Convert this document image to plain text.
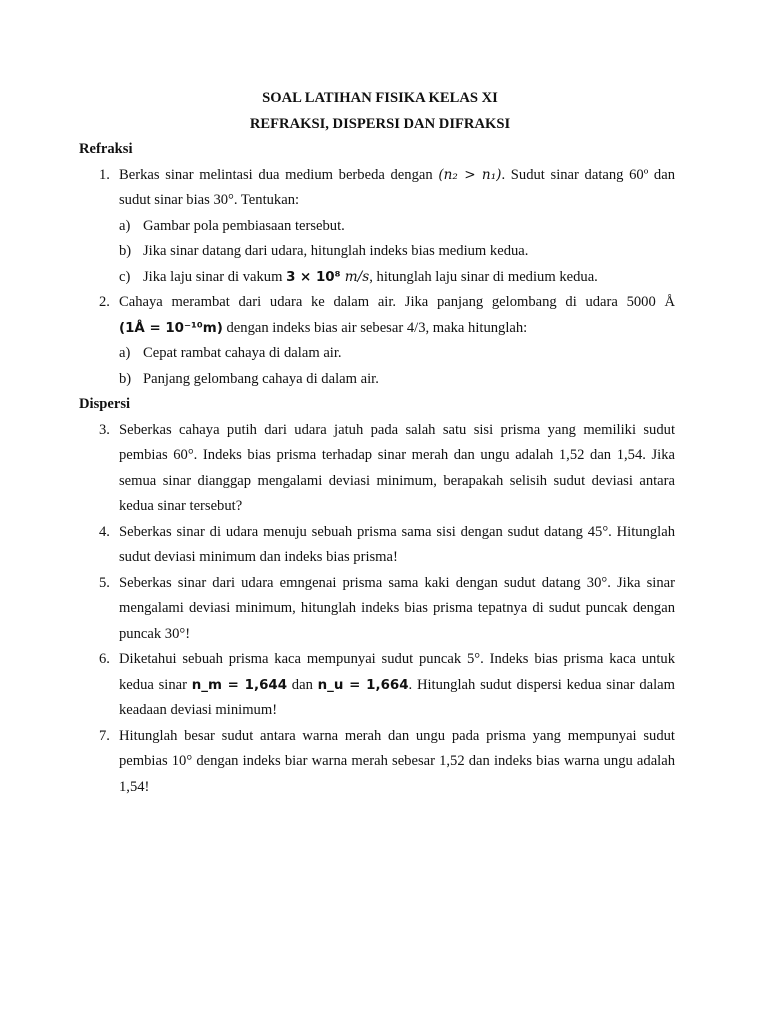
SOAL LATIHAN FISIKA KELAS XI

REFRAKSI, DISPERSI DAN DIFRAKSI

Refraksi

1. Berkas sinar melintasi dua medium berbeda dengan (n₂ > n₁). Sudut sinar datang 60º dan sudut sinar bias 30°. Tentukan:
a) Gambar pola pembiasaan tersebut.
b) Jika sinar datang dari udara, hitunglah indeks bias medium kedua.
c) Jika laju sinar di vakum 3 × 10⁸ m/s, hitunglah laju sinar di medium kedua.
2. Cahaya merambat dari udara ke dalam air. Jika panjang gelombang di udara 5000 Å
(1Å = 10⁻¹⁰m) dengan indeks bias air sebesar 4/3, maka hitunglah:
a) Cepat rambat cahaya di dalam air.
b) Panjang gelombang cahaya di dalam air.

Dispersi

3. Seberkas cahaya putih dari udara jatuh pada salah satu sisi prisma yang memiliki sudut pembias 60°. Indeks bias prisma terhadap sinar merah dan ungu adalah 1,52 dan 1,54. Jika semua sinar dianggap mengalami deviasi minimum, berapakah selisih sudut deviasi antara kedua sinar tersebut?
4. Seberkas sinar di udara menuju sebuah prisma sama sisi dengan sudut datang 45°. Hitunglah sudut deviasi minimum dan indeks bias prisma!
5. Seberkas sinar dari udara emngenai prisma sama kaki dengan sudut datang 30°. Jika sinar mengalami deviasi minimum, hitunglah indeks bias prisma tepatnya di sudut puncak dengan puncak 30°!
6. Diketahui sebuah prisma kaca mempunyai sudut puncak 5°. Indeks bias prisma kaca untuk kedua sinar n_m = 1,644 dan n_u = 1,664. Hitunglah sudut dispersi kedua sinar dalam keadaan deviasi minimum!
7. Hitunglah besar sudut antara warna merah dan ungu pada prisma yang mempunyai sudut pembias 10° dengan indeks biar warna merah sebesar 1,52 dan indeks bias warna ungu adalah 1,54!
